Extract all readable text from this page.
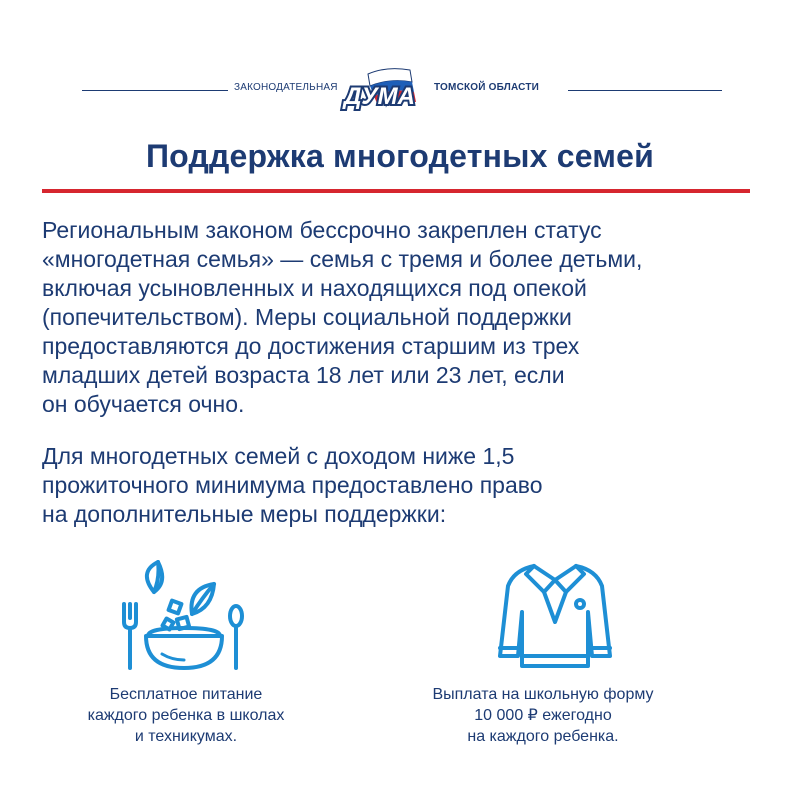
ЗАКОНОДАТЕЛЬНАЯ ДУМА ТОМСКОЙ ОБЛАСТИ
Поддержка многодетных семей

Региональным законом бессрочно закреплен статус
«многодетная семья» — семья с тремя и более детьми,
включая усыновленных и находящихся под опекой
(попечительством). Меры социальной поддержки
предоставляются до достижения старшим из трех
младших детей возраста 18 лет или 23 лет, если
он обучается очно.

Для многодетных семей с доходом ниже 1,5
прожиточного минимума предоставлено право
на дополнительные меры поддержки:

Бесплатное питание
каждого ребенка в школах
и техникумах.
Выплата на школьную форму
10 000 ₽ ежегодно
на каждого ребенка.
